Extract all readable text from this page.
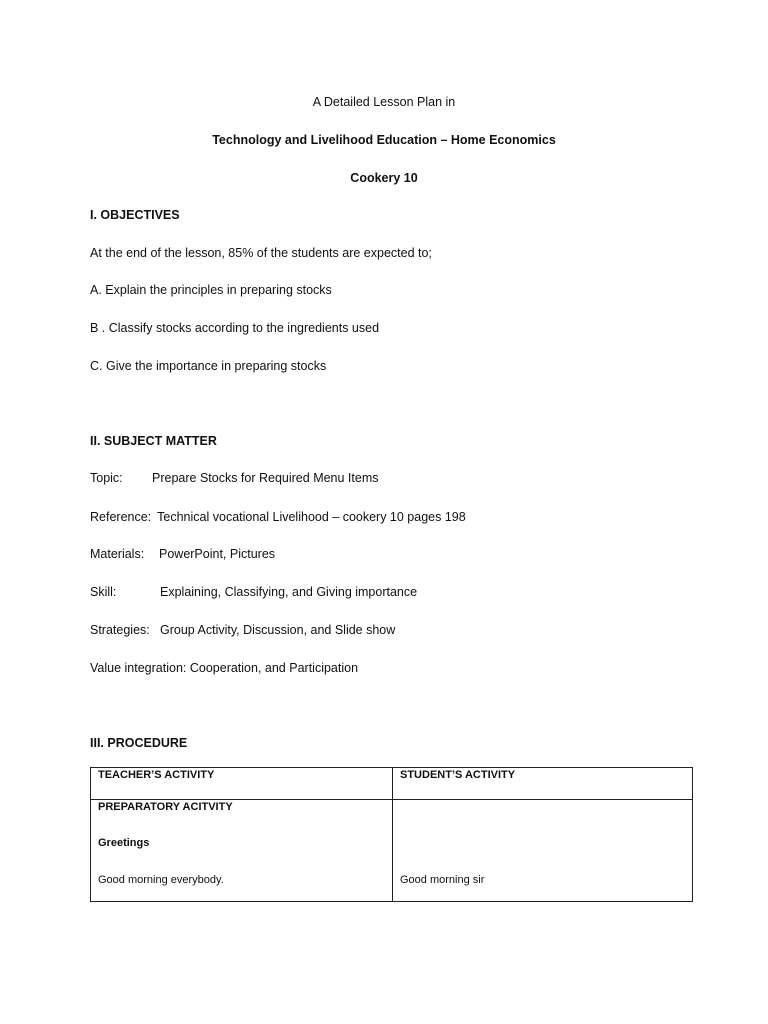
A Detailed Lesson Plan in
Technology and Livelihood Education – Home Economics
Cookery 10
I. OBJECTIVES
At the end of the lesson, 85% of the students are expected to;
A. Explain the principles in preparing stocks
B . Classify stocks according to the ingredients used
C. Give the importance in preparing stocks
II. SUBJECT MATTER
Topic: Prepare Stocks for Required Menu Items
Reference: Technical vocational Livelihood – cookery 10 pages 198
Materials: PowerPoint, Pictures
Skill:	Explaining, Classifying, and Giving importance
Strategies: Group Activity, Discussion, and Slide show
Value integration: Cooperation, and Participation
III. PROCEDURE
TEACHER’S ACTIVITY	STUDENT’S ACTIVITY

PREPARATORY ACITVITY
Greetings
Good morning everybody.	Good morning sir
